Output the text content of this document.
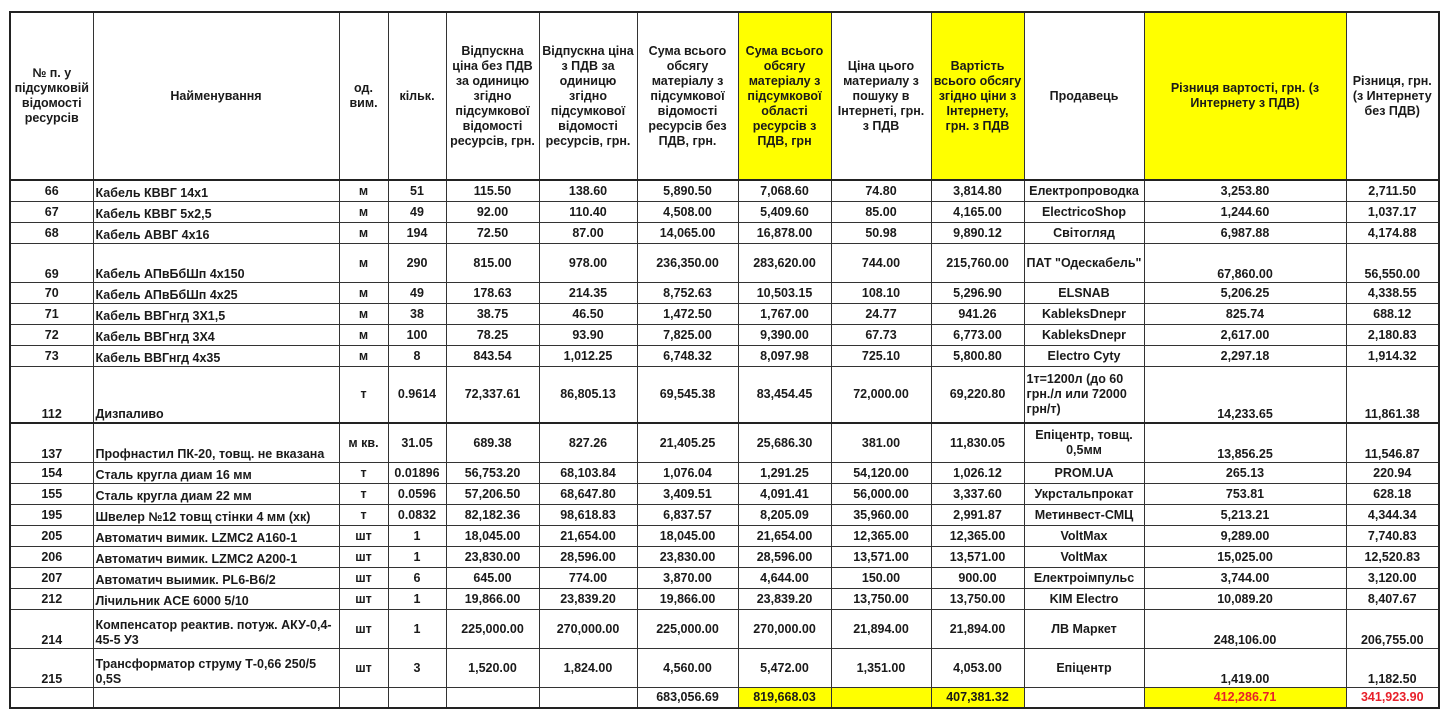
№ п. у підсумковій відомості ресурсів	Найменування	од. вим.	кільк.	Відпускна ціна без ПДВ за одиницю згідно підсумкової відомості ресурсів, грн.	Відпускна ціна з ПДВ за одиницю згідно підсумкової відомості ресурсів, грн.	Сума всього обсягу матеріалу з підсумкової відомості ресурсів без ПДВ, грн.	Сума всього обсягу матеріалу з підсумкової області ресурсів з ПДВ, грн	Ціна цього материалу з пошуку в Інтернеті, грн. з ПДВ	Вартість всього обсягу згідно ціни з Інтернету, грн. з ПДВ	Продавець	Різниця вартості, грн. (з Интернету з ПДВ)	Різниця, грн. (з Интернету без ПДВ)
66	Кабель КВВГ 14х1	м	51	115.50	138.60	5,890.50	7,068.60	74.80	3,814.80	Електропроводка	3,253.80	2,711.50
67	Кабель КВВГ 5х2,5	м	49	92.00	110.40	4,508.00	5,409.60	85.00	4,165.00	ElectricoShop	1,244.60	1,037.17
68	Кабель АВВГ 4х16	м	194	72.50	87.00	14,065.00	16,878.00	50.98	9,890.12	Світогляд	6,987.88	4,174.88
69	Кабель АПвБбШп 4х150	м	290	815.00	978.00	236,350.00	283,620.00	744.00	215,760.00	ПАТ "Одескабель"	67,860.00	56,550.00
70	Кабель АПвБбШп 4х25	м	49	178.63	214.35	8,752.63	10,503.15	108.10	5,296.90	ELSNAB	5,206.25	4,338.55
71	Кабель ВВГнгд 3Х1,5	м	38	38.75	46.50	1,472.50	1,767.00	24.77	941.26	KableksDnepr	825.74	688.12
72	Кабель ВВГнгд 3Х4	м	100	78.25	93.90	7,825.00	9,390.00	67.73	6,773.00	KableksDnepr	2,617.00	2,180.83
73	Кабель ВВГнгд 4х35	м	8	843.54	1,012.25	6,748.32	8,097.98	725.10	5,800.80	Electro Cyty	2,297.18	1,914.32
112	Дизпаливо	т	0.9614	72,337.61	86,805.13	69,545.38	83,454.45	72,000.00	69,220.80	1т=1200л (до 60 грн./л или 72000 грн/т)	14,233.65	11,861.38
137	Профнастил ПК-20, товщ. не вказана	м кв.	31.05	689.38	827.26	21,405.25	25,686.30	381.00	11,830.05	Епіцентр, товщ. 0,5мм	13,856.25	11,546.87
154	Сталь кругла диам 16 мм	т	0.01896	56,753.20	68,103.84	1,076.04	1,291.25	54,120.00	1,026.12	PROM.UA	265.13	220.94
155	Сталь кругла диам 22 мм	т	0.0596	57,206.50	68,647.80	3,409.51	4,091.41	56,000.00	3,337.60	Укрстальпрокат	753.81	628.18
195	Швелер №12 товщ стінки 4 мм (хк)	т	0.0832	82,182.36	98,618.83	6,837.57	8,205.09	35,960.00	2,991.87	Метинвест-СМЦ	5,213.21	4,344.34
205	Автоматич вимик. LZMC2 A160-1	шт	1	18,045.00	21,654.00	18,045.00	21,654.00	12,365.00	12,365.00	VoltMax	9,289.00	7,740.83
206	Автоматич вимик. LZMC2 A200-1	шт	1	23,830.00	28,596.00	23,830.00	28,596.00	13,571.00	13,571.00	VoltMax	15,025.00	12,520.83
207	Автоматич выимик. PL6-B6/2	шт	6	645.00	774.00	3,870.00	4,644.00	150.00	900.00	Електроімпульс	3,744.00	3,120.00
212	Лічильник ACE 6000 5/10	шт	1	19,866.00	23,839.20	19,866.00	23,839.20	13,750.00	13,750.00	KIM Electro	10,089.20	8,407.67
214	Компенсатор реактив. потуж. АКУ-0,4-45-5 У3	шт	1	225,000.00	270,000.00	225,000.00	270,000.00	21,894.00	21,894.00	ЛВ Маркет	248,106.00	206,755.00
215	Трансформатор струму Т-0,66 250/5 0,5S	шт	3	1,520.00	1,824.00	4,560.00	5,472.00	1,351.00	4,053.00	Епіцентр	1,419.00	1,182.50
						683,056.69	819,668.03		407,381.32		412,286.71	341,923.90
